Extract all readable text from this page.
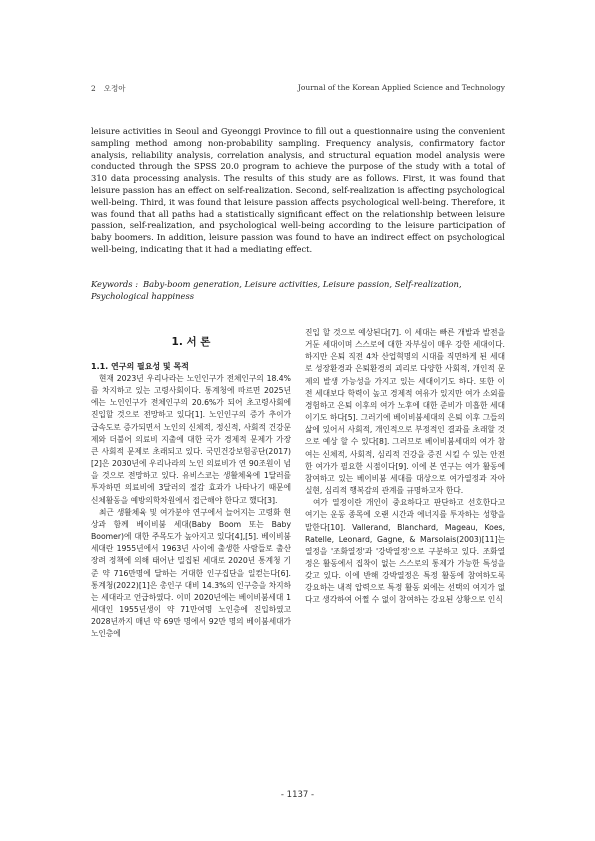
2 오정아	Journal of the Korean Applied Science and Technology
leisure activities in Seoul and Gyeonggi Province to fill out a questionnaire using the convenient sampling method among non-probability sampling. Frequency analysis, confirmatory factor analysis, reliability analysis, correlation analysis, and structural equation model analysis were conducted through the SPSS 20.0 program to achieve the purpose of the study with a total of 310 data processing analysis. The results of this study are as follows. First, it was found that leisure passion has an effect on self-realization. Second, self-realization is affecting psychological well-being. Third, it was found that leisure passion affects psychological well-being. Therefore, it was found that all paths had a statistically significant effect on the relationship between leisure passion, self-realization, and psychological well-being according to the leisure participation of baby boomers. In addition, leisure passion was found to have an indirect effect on psychological well-being, indicating that it had a mediating effect.
Keywords : Baby-boom generation, Leisure activities, Leisure passion, Self-realization, Psychological happiness
1. 서 론
1.1. 연구의 필요성 및 목적

현재 2023년 우리나라는 노인인구가 전체인구의 18.4%를 차지하고 있는 고령사회이다. 통계청에 따르면 2025년에는 노인인구가 전체인구의 20.6%가 되어 초고령사회에 진입할 것으로 전망하고 있다[1]. 노인인구의 증가 추이가 급속도로 증가되면서 노인의 신체적, 정신적, 사회적 건강문제와 더불어 의료비 지출에 대한 국가 경제적 문제가 가장 큰 사회적 문제로 초래되고 있다. 국민건강보험공단(2017)[2]은 2030년에 우리나라의 노인 의료비가 연 90조원이 넘을 것으로 전망하고 있다. 유비스코는 생활체육에 1달러를 투자하면 의료비에 3달러의 절감 효과가 나타나기 때문에 신체활동을 예방의학차원에서 접근해야 한다고 했다[3].

최근 생활체육 및 여가분야 연구에서 늘어지는 고령화 현상과 함께 베이비붐 세대(Baby Boom 또는 Baby Boomer)에 대한 주목도가 높아지고 있다[4],[5]. 베이비붐세대란 1955년에서 1963년 사이에 출생한 사람들로 출산 장려 정책에 의해 태어난 밀집된 세대로 2020년 통계청 기준 약 716만명에 달하는 거대한 인구집단을 일컫는다[6]. 통계청(2022)[1]은 총인구 대비 14.3%의 인구층을 차지하는 세대라고 언급하였다. 이미 2020년에는 베이비붐세대 1세대인 1955년생이 약 71만여명 노인층에 진입하였고 2028년까지 매년 약 69만 명에서 92만 명의 베이붐세대가 노인층에

진입 할 것으로 예상된다[7]. 이 세대는 빠른 개발과 발전을 거둔 세대이며 스스로에 대한 자부심이 매우 강한 세대이다. 하지만 은퇴 직전 4차 산업혁명의 시대를 직면하게 된 세대로 성장환경과 은퇴환경의 괴리로 다양한 사회적, 개인적 문제의 발생 가능성을 가지고 있는 세대이기도 하다. 또한 이전 세대보다 학력이 높고 경제적 여유가 있지만 여가 소외를 경험하고 은퇴 이후의 여가 노후에 대한 준비가 미흡한 세대이기도 하다[5]. 그러기에 베이비붐세대의 은퇴 이후 그들의 삶에 있어서 사회적, 개인적으로 부정적인 결과를 초래할 것으로 예상 할 수 있다[8]. 그러므로 베이비붐세대의 여가 참여는 신체적, 사회적, 심리적 건강을 증진 시킬 수 있는 안전한 여가가 필요한 시점이다[9]. 이에 본 연구는 여가 활동에 참여하고 있는 베이비붐 세대를 대상으로 여가열정과 자아실현, 심리적 행복감의 관계를 규명하고자 한다.

여가 열정이란 개인이 중요하다고 판단하고 선호한다고 여기는 운동 종목에 오랜 시간과 에너지를 투자하는 성향을 말한다[10]. Vallerand, Blanchard, Mageau, Koes, Ratelle, Leonard, Gagne, & Marsolais(2003)[11]는 열정을 '조화열정'과 '강박열정'으로 구분하고 있다. 조화열정은 활동에서 집착이 없는 스스로의 통제가 가능한 특성을 갖고 있다. 이에 반해 강박열정은 특정 활동에 참여하도록 강요하는 내적 압력으로 특정 활동 외에는 선택의 여지가 없다고 생각하여 어쩔 수 없이 참여하는 강요된 상황으로 인식

- 1137 -
